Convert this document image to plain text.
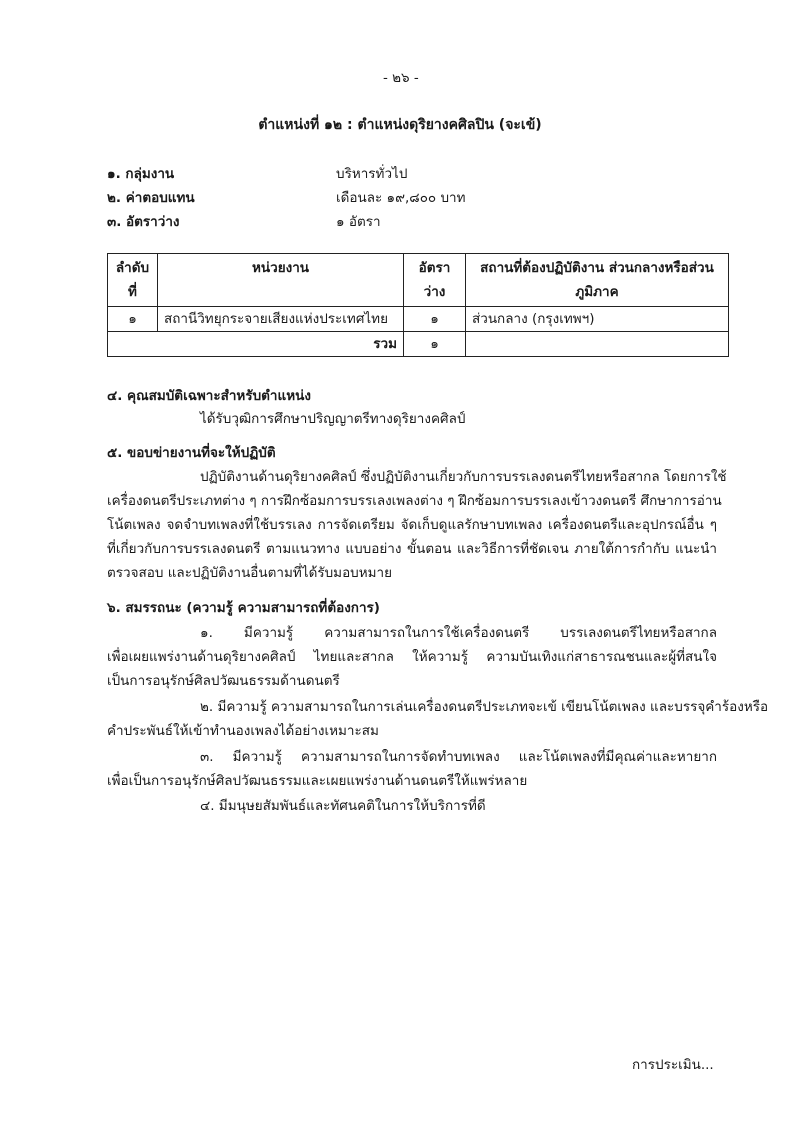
- ๒๖ -
ตำแหน่งที่ ๑๒ : ตำแหน่งดุริยางคศิลปิน (จะเข้)
๑. กลุ่มงาน	บริหารทั่วไป
๒. ค่าตอบแทน	เดือนละ ๑๙,๘๐๐ บาท
๓. อัตราว่าง	๑ อัตรา
ลำดับ ที่	หน่วยงาน	อัตราว่าง	สถานที่ต้องปฏิบัติงาน ส่วนกลางหรือส่วนภูมิภาค
๑	สถานีวิทยุกระจายเสียงแห่งประเทศไทย	๑	ส่วนกลาง (กรุงเทพฯ)
รวม		๑	
๔. คุณสมบัติเฉพาะสำหรับตำแหน่ง
ได้รับวุฒิการศึกษาปริญญาตรีทางดุริยางคศิลป์
๕. ขอบข่ายงานที่จะให้ปฏิบัติ
ปฏิบัติงานด้านดุริยางคศิลป์ ซึ่งปฏิบัติงานเกี่ยวกับการบรรเลงดนตรีไทยหรือสากล โดยการใช้
เครื่องดนตรีประเภทต่าง ๆ การฝึกซ้อมการบรรเลงเพลงต่าง ๆ ฝึกซ้อมการบรรเลงเข้าวงดนตรี ศึกษาการอ่าน
โน้ตเพลง จดจำบทเพลงที่ใช้บรรเลง การจัดเตรียม จัดเก็บดูแลรักษาบทเพลง เครื่องดนตรีและอุปกรณ์อื่น ๆ
ที่เกี่ยวกับการบรรเลงดนตรี ตามแนวทาง แบบอย่าง ขั้นตอน และวิธีการที่ชัดเจน ภายใต้การกำกับ แนะนำ
ตรวจสอบ และปฏิบัติงานอื่นตามที่ได้รับมอบหมาย
๖. สมรรถนะ (ความรู้ ความสามารถที่ต้องการ)
๑. มีความรู้ ความสามารถในการใช้เครื่องดนตรี บรรเลงดนตรีไทยหรือสากล
เพื่อเผยแพร่งานด้านดุริยางคศิลป์ ไทยและสากล ให้ความรู้ ความบันเทิงแก่สาธารณชนและผู้ที่สนใจ
เป็นการอนุรักษ์ศิลปวัฒนธรรมด้านดนตรี
๒. มีความรู้ ความสามารถในการเล่นเครื่องดนตรีประเภทจะเข้ เขียนโน้ตเพลง และบรรจุคำร้องหรือ
คำประพันธ์ให้เข้าทำนองเพลงได้อย่างเหมาะสม
๓. มีความรู้ ความสามารถในการจัดทำบทเพลง และโน้ตเพลงที่มีคุณค่าและหายาก
เพื่อเป็นการอนุรักษ์ศิลปวัฒนธรรมและเผยแพร่งานด้านดนตรีให้แพร่หลาย
๔. มีมนุษยสัมพันธ์และทัศนคติในการให้บริการที่ดี
การประเมิน...
